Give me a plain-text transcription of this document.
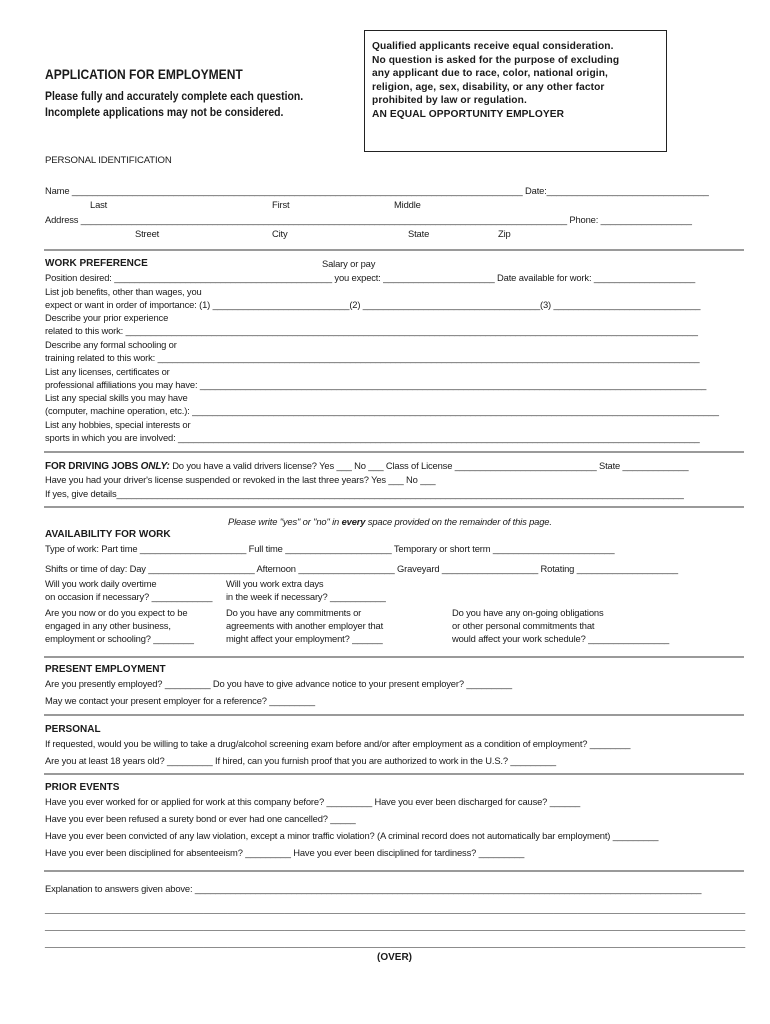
Qualified applicants receive equal consideration.
No question is asked for the purpose of excluding
any applicant due to race, color, national origin,
religion, age, sex, disability, or any other factor
prohibited by law or regulation.
AN EQUAL OPPORTUNITY EMPLOYER
APPLICATION FOR EMPLOYMENT
Please fully and accurately complete each question.
Incomplete applications may not be considered.
PERSONAL IDENTIFICATION
Name _________________________________________________________________________________________ Date:________________________________
Last	First	Middle
Address ________________________________________________________________________________________________ Phone: __________________
Street	City	State	Zip
WORK PREFERENCE	Salary or pay
Position desired: ___________________________________________ you expect: ______________________ Date available for work: ____________________
List job benefits, other than wages, you
expect or want in order of importance: (1) ___________________________(2) ___________________________________(3) _____________________________
Describe your prior experience
related to this work: _________________________________________________________________________________________________________________
Describe any formal schooling or
training related to this work: ___________________________________________________________________________________________________________
List any licenses, certificates or
professional affiliations you may have: ____________________________________________________________________________________________________
List any special skills you may have
(computer, machine operation, etc.): ________________________________________________________________________________________________________
List any hobbies, special interests or
sports in which you are involved: _______________________________________________________________________________________________________
FOR DRIVING JOBS ONLY: Do you have a valid drivers license? Yes ___ No ___ Class of License ____________________________ State _____________
Have you had your driver's license suspended or revoked in the last three years? Yes ___ No ___
If yes, give details________________________________________________________________________________________________________________
Please write "yes" or "no" in every space provided on the remainder of this page.
AVAILABILITY FOR WORK
Type of work: Part time _____________________ Full time _____________________ Temporary or short term ________________________
Shifts or time of day: Day _____________________ Afternoon ___________________ Graveyard ___________________ Rotating ____________________
Will you work daily overtime
on occasion if necessary? ____________
Will you work extra days
in the week if necessary? ___________
Are you now or do you expect to be
engaged in any other business,
employment or schooling? ________
Do you have any commitments or
agreements with another employer that
might affect your employment? ______
Do you have any on-going obligations
or other personal commitments that
would affect your work schedule? ________________
PRESENT EMPLOYMENT
Are you presently employed? _________ Do you have to give advance notice to your present employer? _________
May we contact your present employer for a reference? _________
PERSONAL
If requested, would you be willing to take a drug/alcohol screening exam before and/or after employment as a condition of employment? ________
Are you at least 18 years old? _________ If hired, can you furnish proof that you are authorized to work in the U.S.? _________
PRIOR EVENTS
Have you ever worked for or applied for work at this company before? _________ Have you ever been discharged for cause? ______
Have you ever been refused a surety bond or ever had one cancelled? _____
Have you ever been convicted of any law violation, except a minor traffic violation? (A criminal record does not automatically bar employment) _________
Have you ever been disciplined for absenteeism? _________ Have you ever been disciplined for tardiness? _________
Explanation to answers given above: ____________________________________________________________________________________________________
__________________________________________________________________________________________________________________________________________________
__________________________________________________________________________________________________________________________________________________
__________________________________________________________________________________________________________________________________________________
(OVER)
